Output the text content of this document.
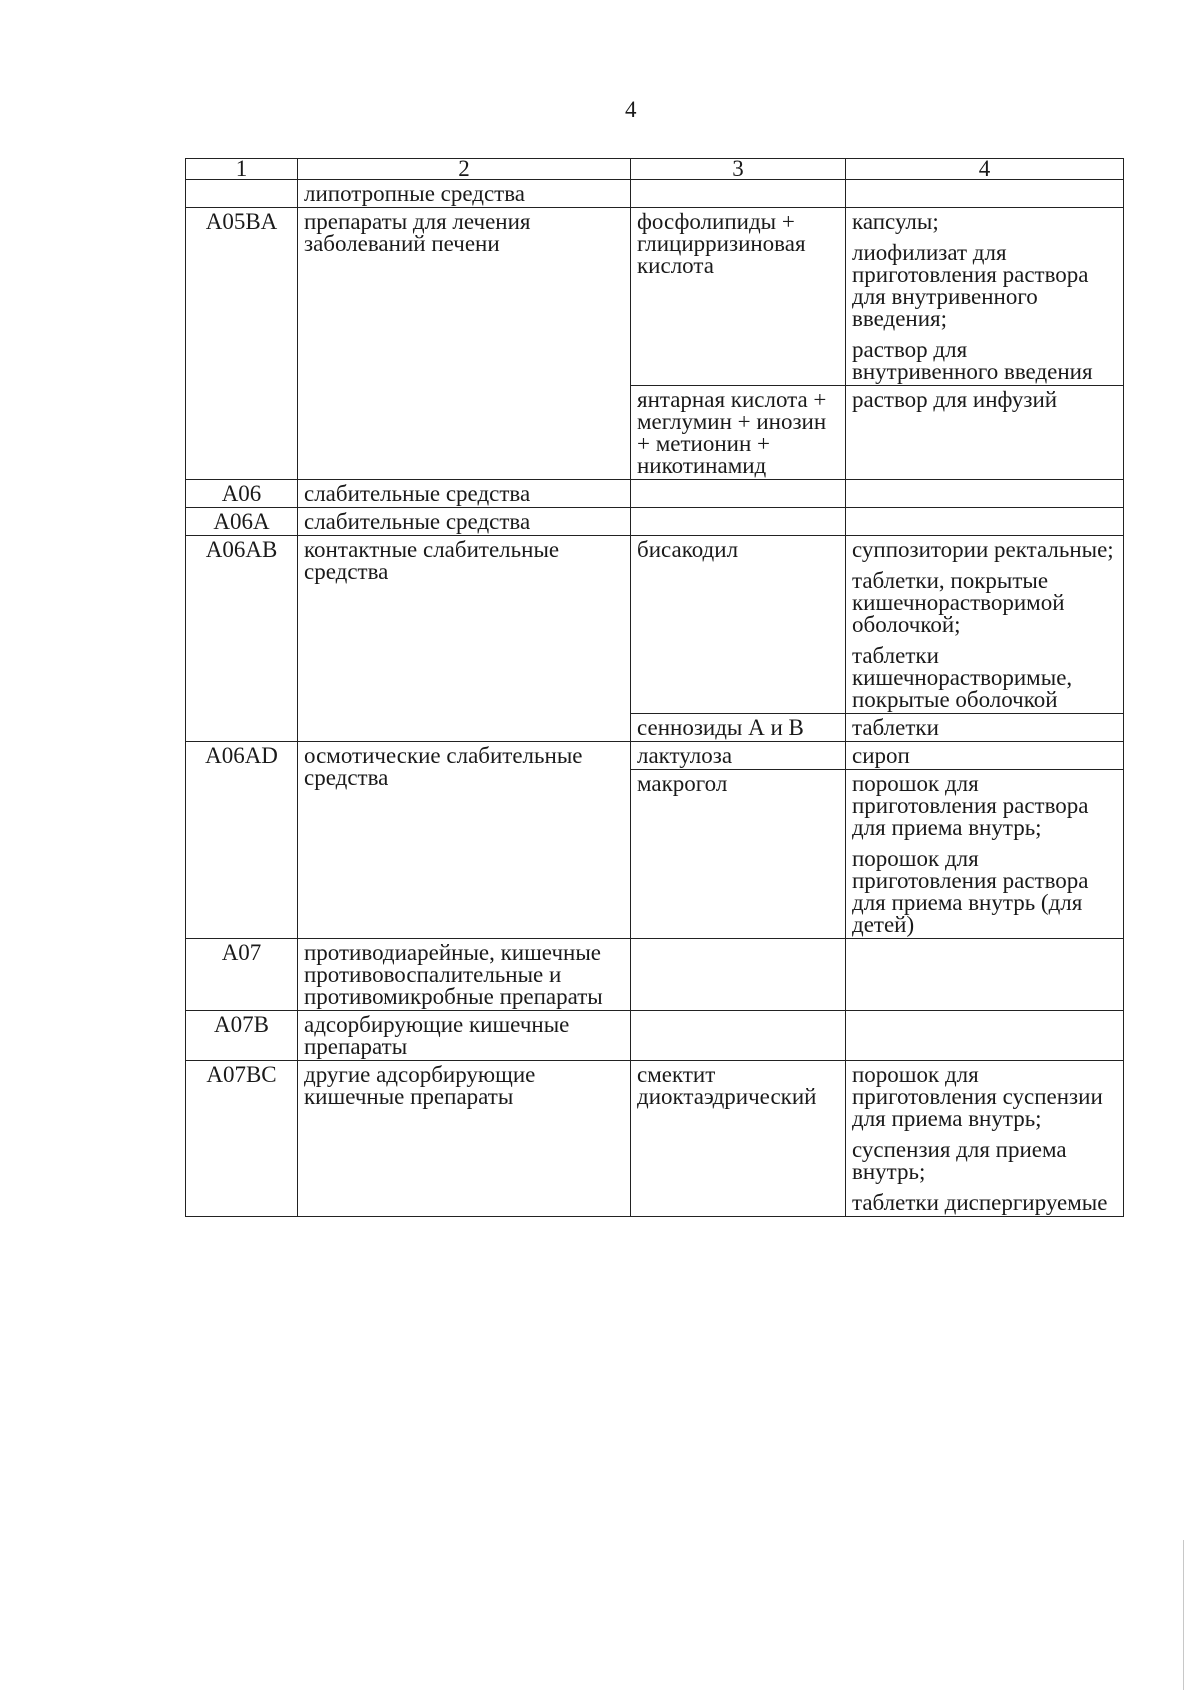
4
1	2	3	4
	липотропные средства		
A05BA	препараты для лечения заболеваний печени	фосфолипиды + глицирризиновая кислота	капсулы;
лиофилизат для приготовления раствора для внутривенного введения;
раствор для внутривенного введения

		янтарная кислота + меглумин + инозин + метионин + никотинамид	раствор для инфузий

A06	слабительные средства		
A06A	слабительные средства		
A06AB	контактные слабительные средства	бисакодил	суппозитории ректальные;
таблетки, покрытые кишечнорастворимой оболочкой;
таблетки кишечнорастворимые, покрытые оболочкой

		сеннозиды А и В	таблетки

A06AD	осмотические слабительные средства	лактулоза	сироп

		макрогол	порошок для приготовления раствора для приема внутрь;
порошок для приготовления раствора для приема внутрь (для детей)

A07	противодиарейные, кишечные противовоспалительные и противомикробные препараты		
A07B	адсорбирующие кишечные препараты		
A07BC	другие адсорбирующие кишечные препараты	смектит диоктаэдрический	порошок для приготовления суспензии для приема внутрь;
суспензия для приема внутрь;
таблетки диспергируемые
